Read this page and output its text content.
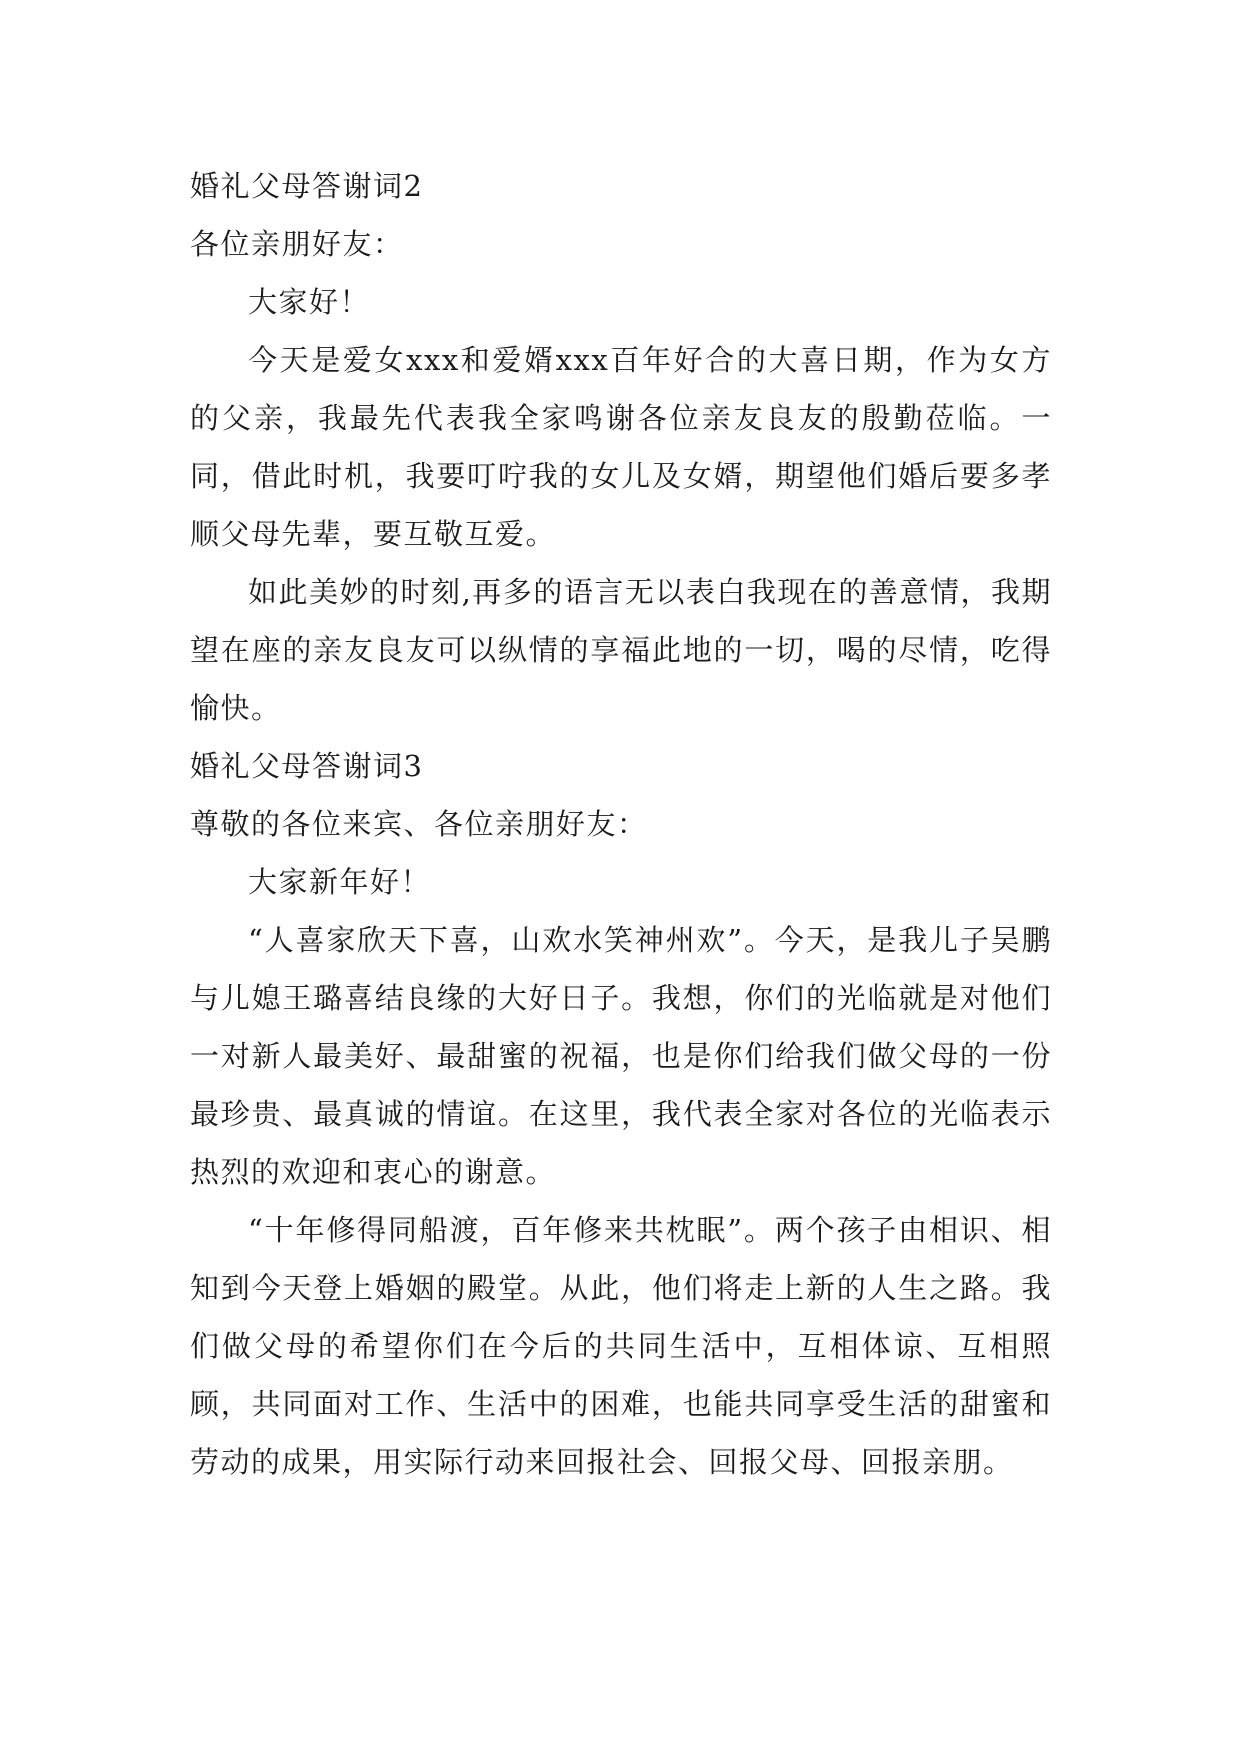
婚礼父母答谢词2
各位亲朋好友：
大家好！

今天是爱女xxx和爱婿xxx百年好合的大喜日期，作为女方的父亲，我最先代表我全家鸣谢各位亲友良友的殷勤莅临。一同，借此时机，我要叮咛我的女儿及女婿，期望他们婚后要多孝顺父母先辈，要互敬互爱。

如此美妙的时刻,再多的语言无以表白我现在的善意情，我期望在座的亲友良友可以纵情的享福此地的一切，喝的尽情，吃得愉快。

婚礼父母答谢词3
尊敬的各位来宾、各位亲朋好友：
大家新年好！

“人喜家欣天下喜，山欢水笑神州欢”。今天，是我儿子吴鹏与儿媳王璐喜结良缘的大好日子。我想，你们的光临就是对他们一对新人最美好、最甜蜜的祝福，也是你们给我们做父母的一份最珍贵、最真诚的情谊。在这里，我代表全家对各位的光临表示热烈的欢迎和衷心的谢意。

“十年修得同船渡，百年修来共枕眠”。两个孩子由相识、相知到今天登上婚姻的殿堂。从此，他们将走上新的人生之路。我们做父母的希望你们在今后的共同生活中，互相体谅、互相照顾，共同面对工作、生活中的困难，也能共同享受生活的甜蜜和劳动的成果，用实际行动来回报社会、回报父母、回报亲朋。
